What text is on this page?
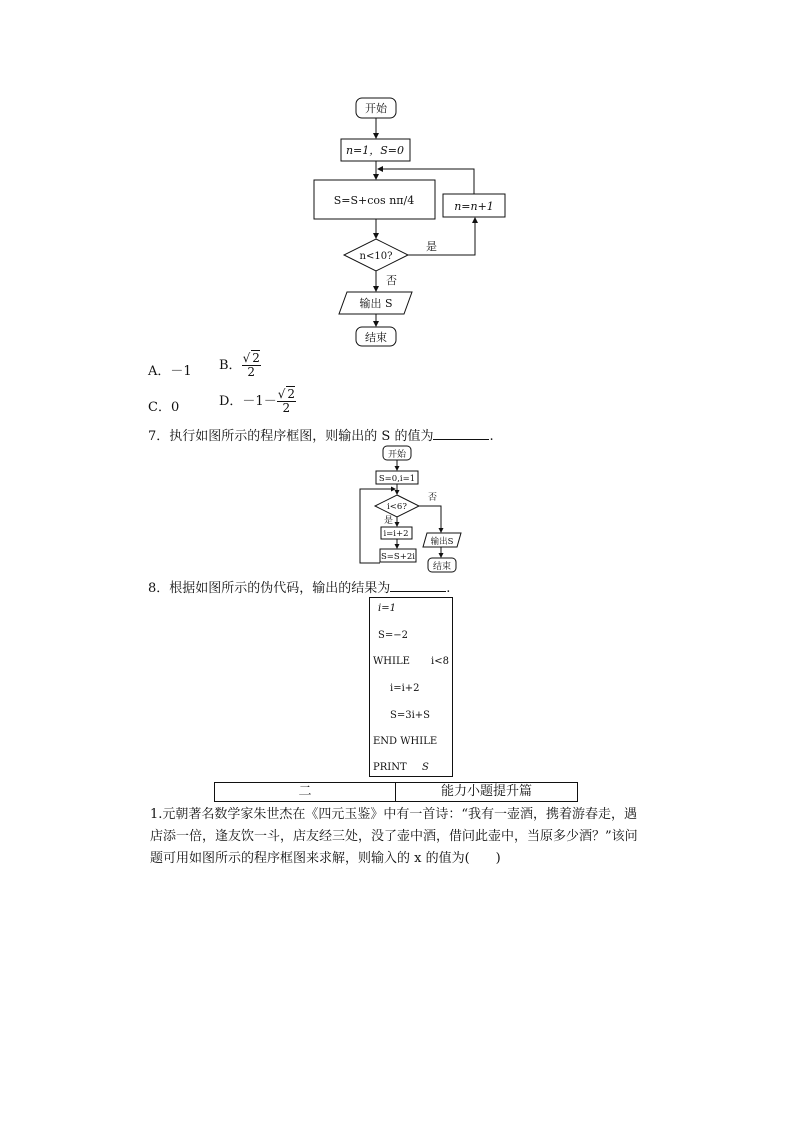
开始
n=1，S=0
S=S+cos nπ/4
n<10?
是
n=n+1
否
输出 S
结束
A．－1 B． $\frac{√ 2}{2}$
C．0	D．$-1- \frac{√ 2}{2}$
7．执行如图所示的程序框图，则输出的 S 的值为	.
开始
S=0,i=1
i<6?
否
是
i=i+2
S=S+2i
输出S
结束
8．根据如图所示的伪代码，输出的结果为	.
i=1
S=−2
WHILE i<8
i=i+2
S=3i+S
END WHILE
PRINT S
二	能力小题提升篇
1.元朝著名数学家朱世杰在《四元玉鉴》中有一首诗：“我有一壶酒，携着游春走，遇店添一倍，逢友饮一斗，店友经三处，没了壶中酒，借问此壶中，当原多少酒？”该问题可用如图所示的程序框图来求解，则输入的 x 的值为(　　)
